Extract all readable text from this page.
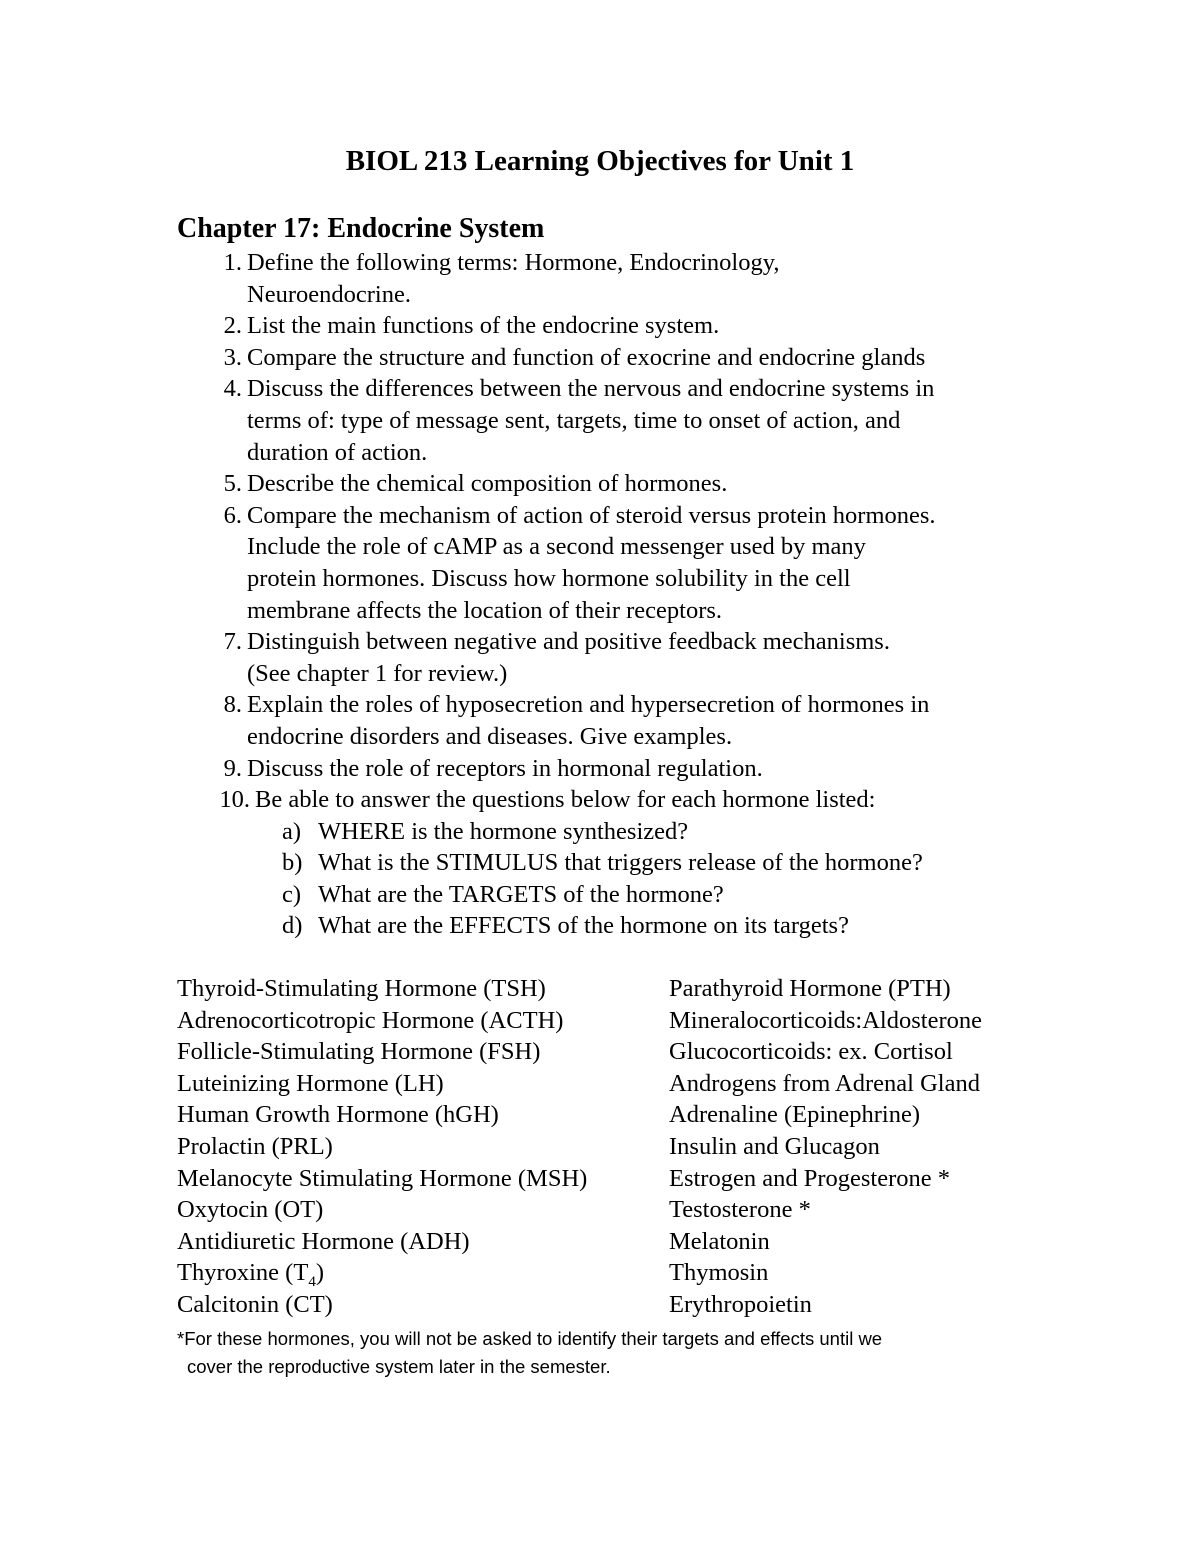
BIOL 213 Learning Objectives for Unit 1
Chapter 17: Endocrine System
1. Define the following terms: Hormone, Endocrinology,
Neuroendocrine.
2. List the main functions of the endocrine system.
3. Compare the structure and function of exocrine and endocrine glands
4. Discuss the differences between the nervous and endocrine systems in
terms of: type of message sent, targets, time to onset of action, and
duration of action.
5. Describe the chemical composition of hormones.
6. Compare the mechanism of action of steroid versus protein hormones.
Include the role of cAMP as a second messenger used by many
protein hormones. Discuss how hormone solubility in the cell
membrane affects the location of their receptors.
7. Distinguish between negative and positive feedback mechanisms.
(See chapter 1 for review.)
8. Explain the roles of hyposecretion and hypersecretion of hormones in
endocrine disorders and diseases. Give examples.
9. Discuss the role of receptors in hormonal regulation.
10. Be able to answer the questions below for each hormone listed:
a) WHERE is the hormone synthesized?
b) What is the STIMULUS that triggers release of the hormone?
c) What are the TARGETS of the hormone?
d) What are the EFFECTS of the hormone on its targets?
Thyroid-Stimulating Hormone (TSH)
Adrenocorticotropic Hormone (ACTH)
Follicle-Stimulating Hormone (FSH)
Luteinizing Hormone (LH)
Human Growth Hormone (hGH)
Prolactin (PRL)
Melanocyte Stimulating Hormone (MSH)
Oxytocin (OT)
Antidiuretic Hormone (ADH)
Thyroxine $(T_4)$
Calcitonin (CT)
Parathyroid Hormone (PTH)
Mineralocorticoids:Aldosterone
Glucocorticoids: ex. Cortisol
Androgens from Adrenal Gland
Adrenaline (Epinephrine)
Insulin and Glucagon
Estrogen and Progesterone *
Testosterone *
Melatonin
Thymosin
Erythropoietin
*For these hormones, you will not be asked to identify their targets and effects until we
cover the reproductive system later in the semester.
